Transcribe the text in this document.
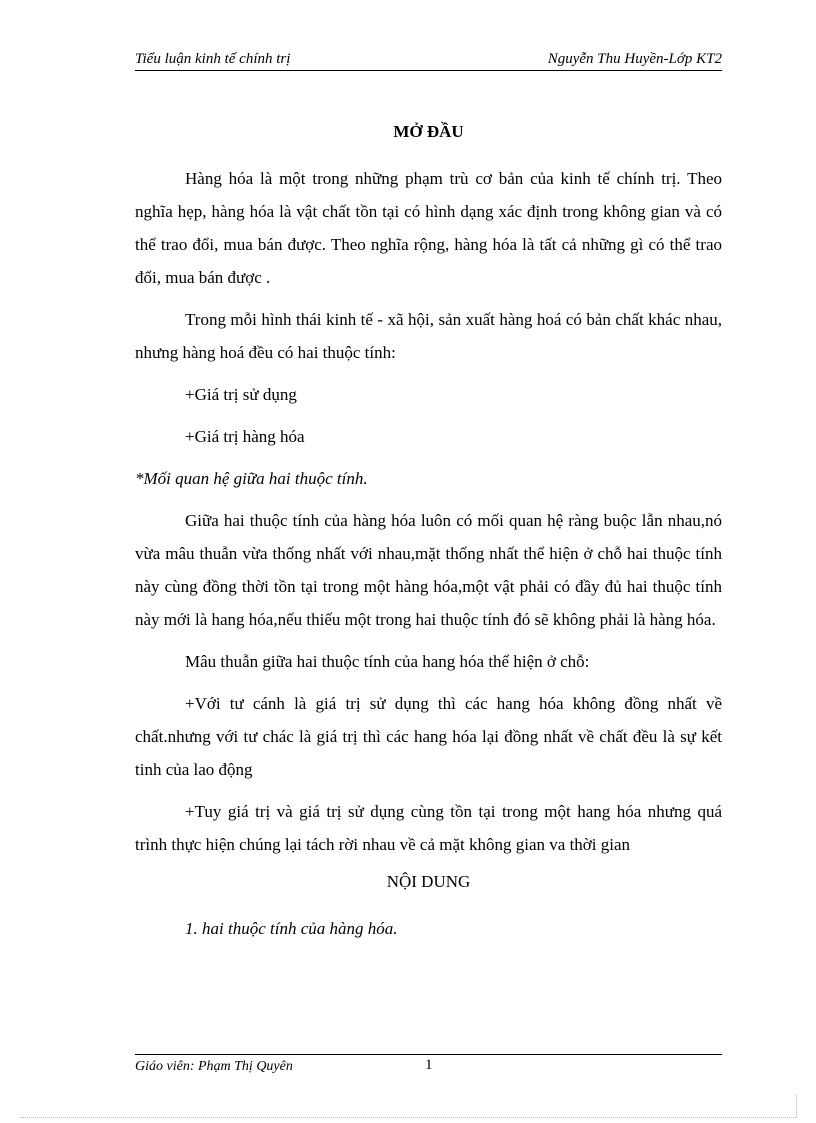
Tiểu luận kinh tế chính trị	Nguyễn Thu Huyền-Lớp KT2
MỞ ĐẦU

Hàng hóa là một trong những phạm trù cơ bản của kinh tế chính trị. Theo nghĩa hẹp, hàng hóa là vật chất tồn tại có hình dạng xác định trong không gian và có thể trao đổi, mua bán được. Theo nghĩa rộng, hàng hóa là tất cả những gì có thể trao đổi, mua bán được .

Trong mỗi hình thái kinh tế - xã hội, sản xuất hàng hoá có bản chất khác nhau, nhưng hàng hoá đều có hai thuộc tính:

+Giá trị sử dụng

+Giá trị hàng hóa

*Mối quan hệ giữa hai thuộc tính.

Giữa hai thuộc tính của hàng hóa luôn có mối quan hệ ràng buộc lẫn nhau,nó vừa mâu thuẫn vừa thống nhất với nhau,mặt thống nhất thể hiện ở chỗ hai thuộc tính này cùng đồng thời tồn tại trong một hàng hóa,một vật phải có đầy đủ hai thuộc tính này mới là hang hóa,nếu thiếu một trong hai thuộc tính đó sẽ không phải là hàng hóa.

Mâu thuẫn giữa hai thuộc tính của hang hóa thể hiện ở chỗ:

+Với tư cánh là giá trị sử dụng thì các hang hóa không đồng nhất về chất.nhưng với tư chác là giá trị thì các hang hóa lại đồng nhất về chất đều là sự kết tinh của lao động

+Tuy giá trị và giá trị sử dụng cùng tồn tại trong một hang hóa nhưng quá trình thực hiện chúng lại tách rời nhau về cả mặt không gian va thời gian

NỘI DUNG

1. hai thuộc tính của hàng hóa.

Giáo viên: Phạm Thị Quyên	1
